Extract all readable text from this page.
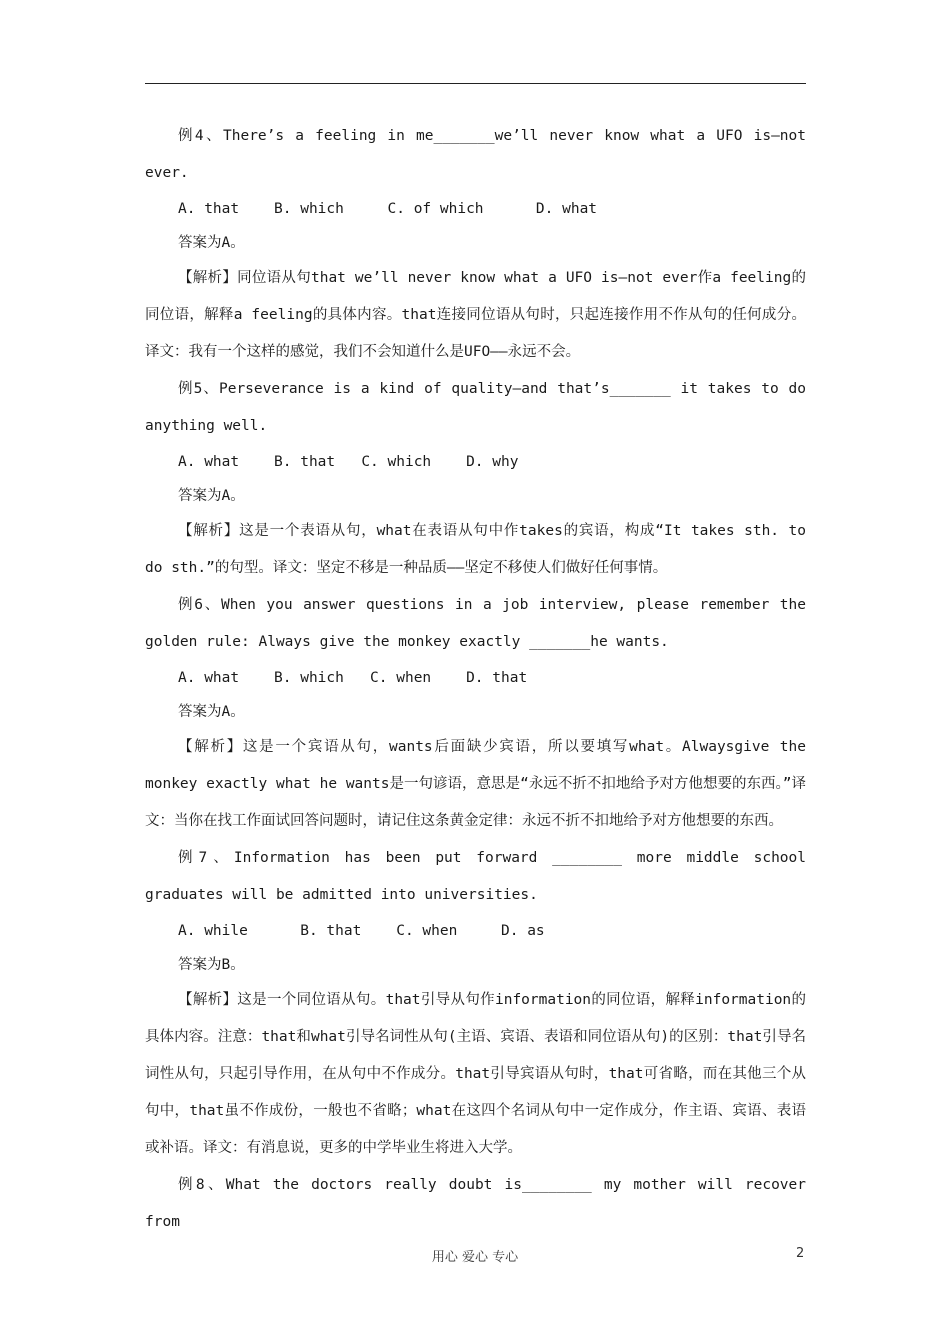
例4、There’s a feeling in me_______we’ll never know what a UFO is—not ever.

A. that    B. which     C. of which      D. what

答案为A。

【解析】同位语从句that we’ll never know what a UFO is—not ever作a feeling的同位语，解释a feeling的具体内容。that连接同位语从句时，只起连接作用不作从句的任何成分。译文：我有一个这样的感觉，我们不会知道什么是UFO——永远不会。

例5、Perseverance is a kind of quality—and that’s_______ it takes to do anything well.

A. what    B. that   C. which    D. why

答案为A。

【解析】这是一个表语从句，what在表语从句中作takes的宾语，构成“It takes sth. to do sth.”的句型。译文：坚定不移是一种品质——坚定不移使人们做好任何事情。

例6、When you answer questions in a job interview, please remember the golden rule: Always give the monkey exactly _______he wants.

A. what    B. which   C. when    D. that

答案为A。

【解析】这是一个宾语从句，wants后面缺少宾语，所以要填写what。Alwaysgive the monkey exactly what he wants是一句谚语，意思是“永远不折不扣地给予对方他想要的东西。”译文：当你在找工作面试回答问题时，请记住这条黄金定律：永远不折不扣地给予对方他想要的东西。

例7、Information has been put forward ________ more middle school graduates will be admitted into universities.

A. while      B. that    C. when     D. as

答案为B。

【解析】这是一个同位语从句。that引导从句作information的同位语，解释information的具体内容。注意：that和what引导名词性从句(主语、宾语、表语和同位语从句)的区别：that引导名词性从句，只起引导作用，在从句中不作成分。that引导宾语从句时，that可省略，而在其他三个从句中，that虽不作成份，一般也不省略；what在这四个名词从句中一定作成分，作主语、宾语、表语或补语。译文：有消息说，更多的中学毕业生将进入大学。

例8、What the doctors really doubt is________ my mother will recover from

用心 爱心 专心	2
